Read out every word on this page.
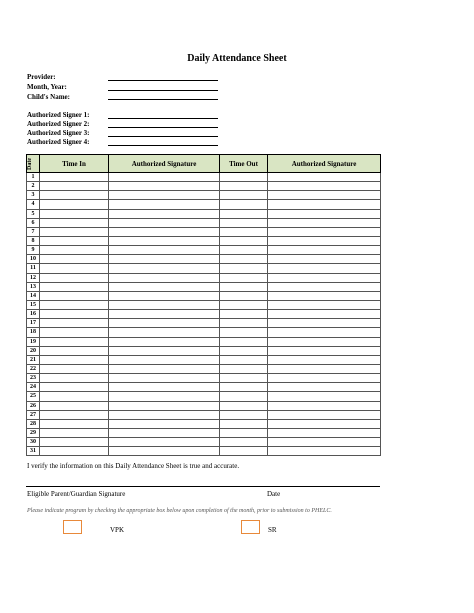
Daily Attendance Sheet
Provider:
Month, Year:
Child's Name:
Authorized Signer 1:
Authorized Signer 2:
Authorized Signer 3:
Authorized Signer 4:
Date	Time In	Authorized Signature	Time Out	Authorized Signature
1				
2				
3				
4				
5				
6				
7				
8				
9				
10				
11				
12				
13				
14				
15				
16				
17				
18				
19				
20				
21				
22				
23				
24				
25				
26				
27				
28				
29				
30				
31				
I verify the information on this Daily Attendance Sheet is true and accurate.
Eligible Parent/Guardian Signature	Date
Please indicate program by checking the appropriate box below upon completion of the month, prior to submission to PHELC.
VPK	SR
